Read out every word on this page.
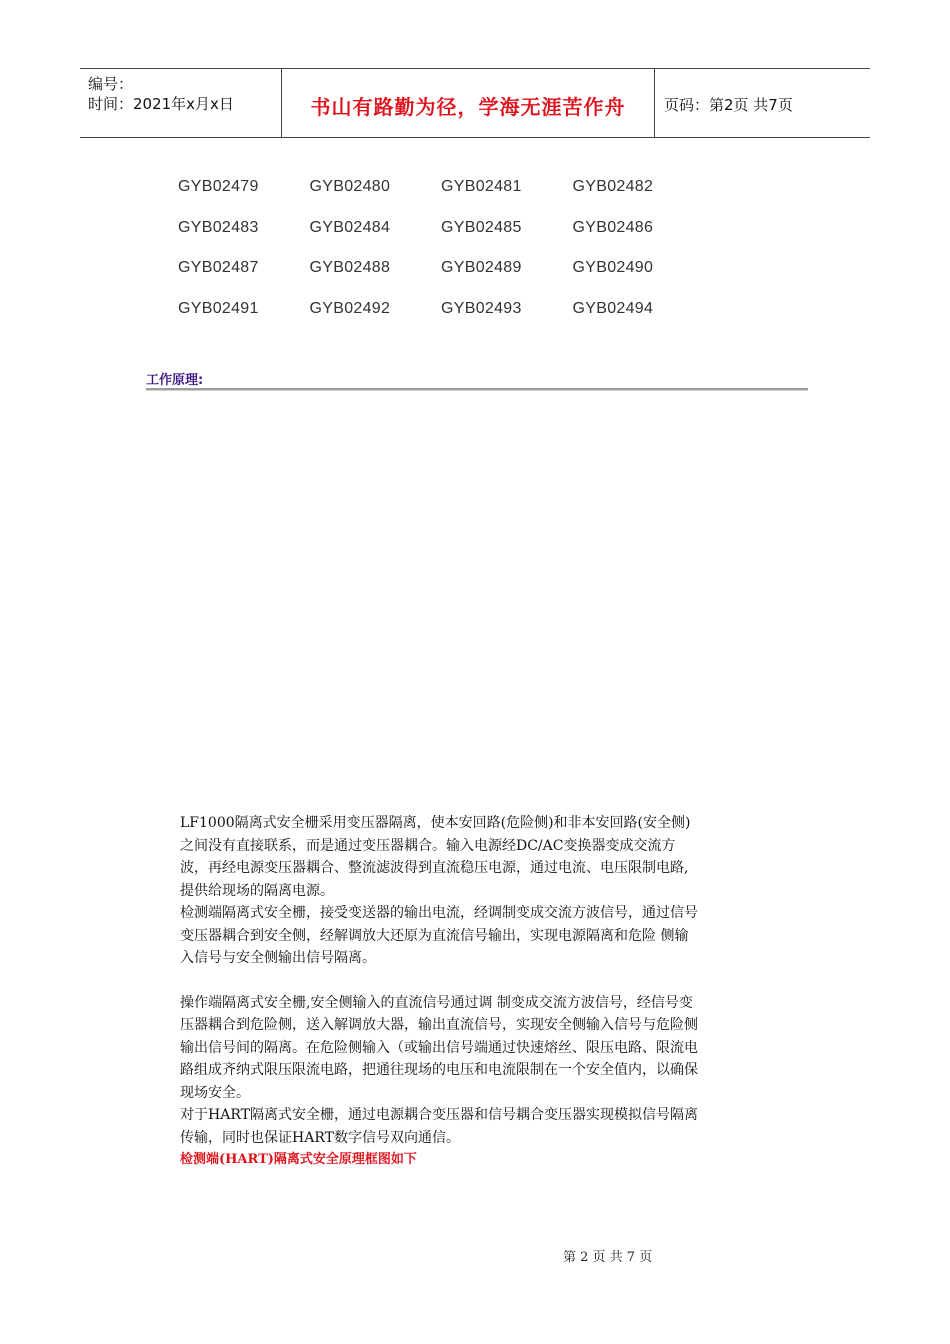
编号：
时间：2021年x月x日	书山有路勤为径，学海无涯苦作舟	页码：第2页 共7页
GYB02479	GYB02480	GYB02481	GYB02482
GYB02483	GYB02484	GYB02485	GYB02486
GYB02487	GYB02488	GYB02489	GYB02490
GYB02491	GYB02492	GYB02493	GYB02494
工作原理:

LF1000隔离式安全栅采用变压器隔离，使本安回路(危险侧)和非本安回路(安全侧)

之间没有直接联系，而是通过变压器耦合。输入电源经DC/AC变换器变成交流方

波，再经电源变压器耦合、整流滤波得到直流稳压电源，通过电流、电压限制电路,

提供给现场的隔离电源。

检测端隔离式安全栅，接受变送器的输出电流，经调制变成交流方波信号，通过信号

变压器耦合到安全侧，经解调放大还原为直流信号输出，实现电源隔离和危险 侧输

入信号与安全侧输出信号隔离。

操作端隔离式安全栅,安全侧输入的直流信号通过调 制变成交流方波信号，经信号变

压器耦合到危险侧，送入解调放大器，输出直流信号，实现安全侧输入信号与危险侧

输出信号间的隔离。在危险侧输入（或输出信号端通过快速熔丝、限压电路、限流电

路组成齐纳式限压限流电路，把通往现场的电压和电流限制在一个安全值内，以确保

现场安全。

对于HART隔离式安全栅，通过电源耦合变压器和信号耦合变压器实现模拟信号隔离

传输，同时也保证HART数字信号双向通信。

检测端(HART)隔离式安全原理框图如下

第 2 页 共 7 页
